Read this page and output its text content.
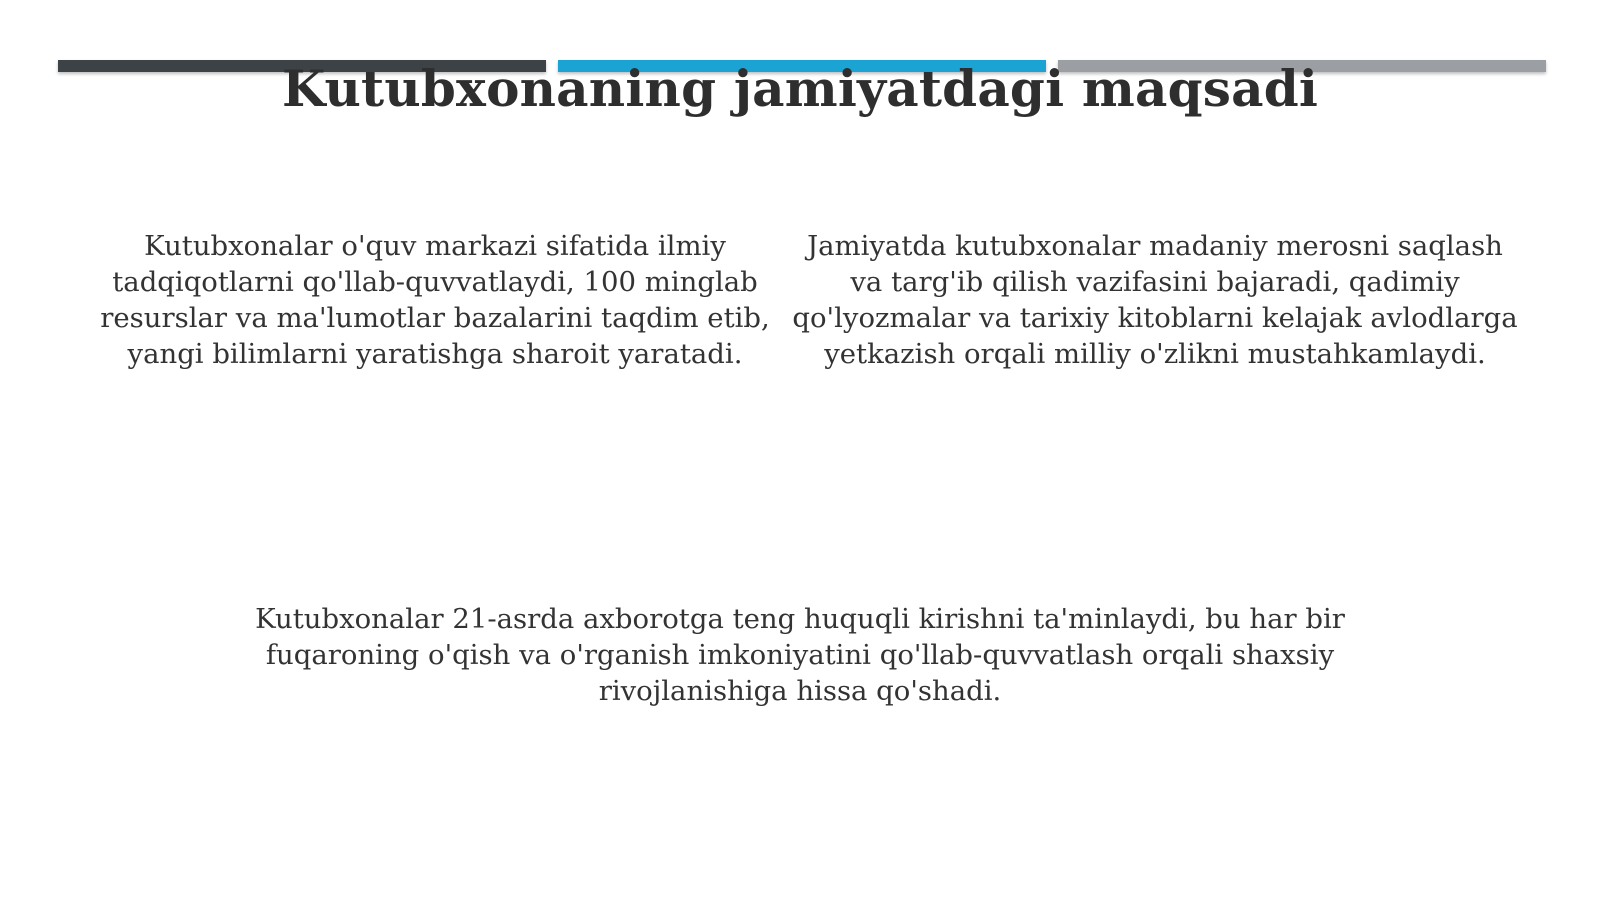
Kutubxonaning jamiyatdagi maqsadi
Kutubxonalar o'quv markazi sifatida ilmiy tadqiqotlarni qo'llab-quvvatlaydi, 100 minglab resurslar va ma'lumotlar bazalarini taqdim etib, yangi bilimlarni yaratishga sharoit yaratadi.
Jamiyatda kutubxonalar madaniy merosni saqlash va targ'ib qilish vazifasini bajaradi, qadimiy qo'lyozmalar va tarixiy kitoblarni kelajak avlodlarga yetkazish orqali milliy o'zlikni mustahkamlaydi.
Kutubxonalar 21-asrda axborotga teng huquqli kirishni ta'minlaydi, bu har bir fuqaroning o'qish va o'rganish imkoniyatini qo'llab-quvvatlash orqali shaxsiy rivojlanishiga hissa qo'shadi.
